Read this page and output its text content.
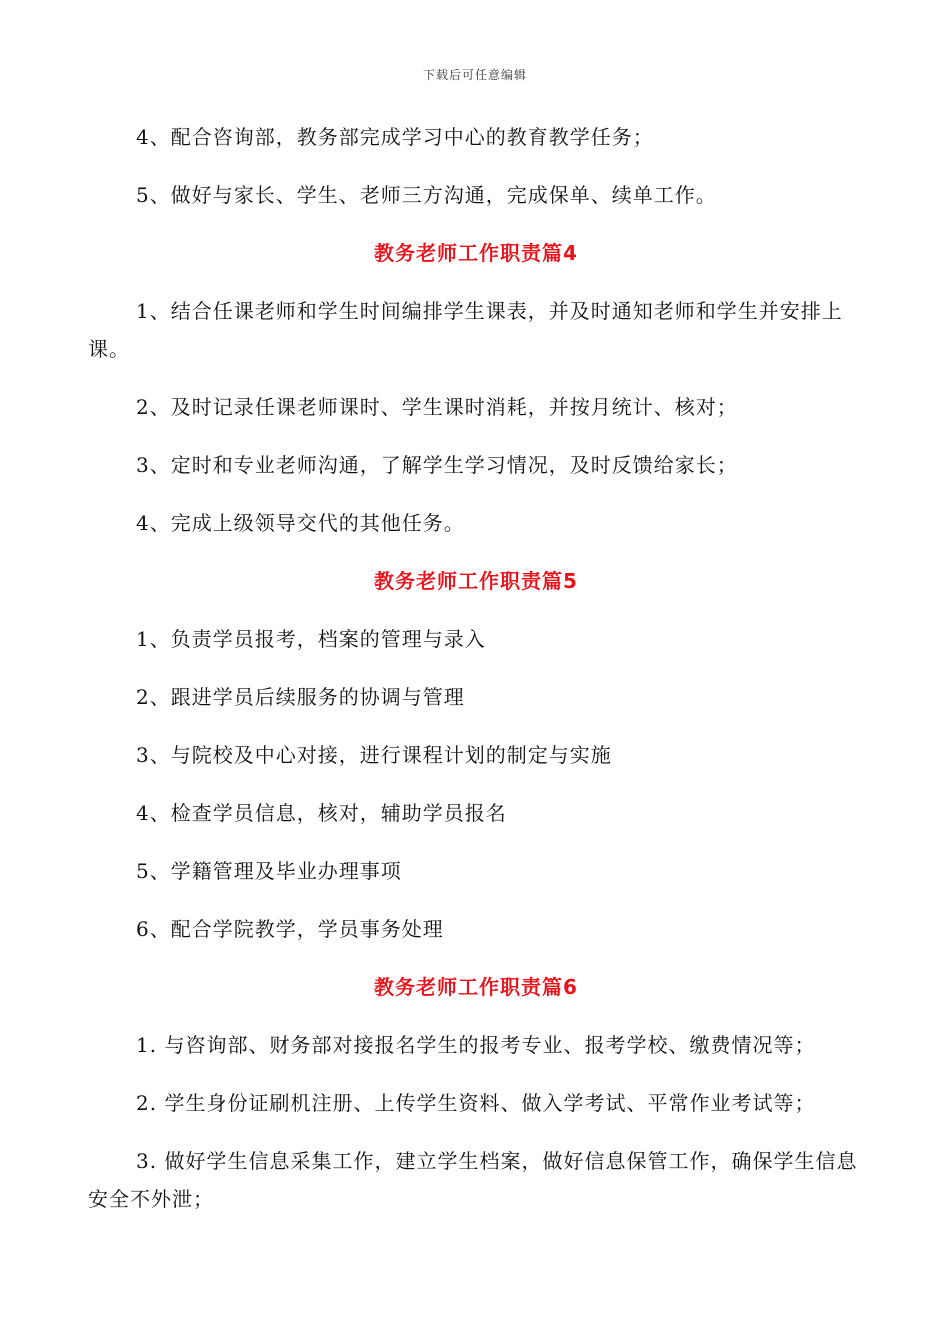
下载后可任意编辑

4、配合咨询部，教务部完成学习中心的教育教学任务；

5、做好与家长、学生、老师三方沟通，完成保单、续单工作。

教务老师工作职责篇4

1、结合任课老师和学生时间编排学生课表，并及时通知老师和学生并安排上课。

2、及时记录任课老师课时、学生课时消耗，并按月统计、核对；

3、定时和专业老师沟通，了解学生学习情况，及时反馈给家长；

4、完成上级领导交代的其他任务。

教务老师工作职责篇5

1、负责学员报考，档案的管理与录入

2、跟进学员后续服务的协调与管理

3、与院校及中心对接，进行课程计划的制定与实施

4、检查学员信息，核对，辅助学员报名

5、学籍管理及毕业办理事项

6、配合学院教学，学员事务处理

教务老师工作职责篇6

1. 与咨询部、财务部对接报名学生的报考专业、报考学校、缴费情况等；

2. 学生身份证刷机注册、上传学生资料、做入学考试、平常作业考试等；

3. 做好学生信息采集工作，建立学生档案，做好信息保管工作，确保学生信息安全不外泄；
